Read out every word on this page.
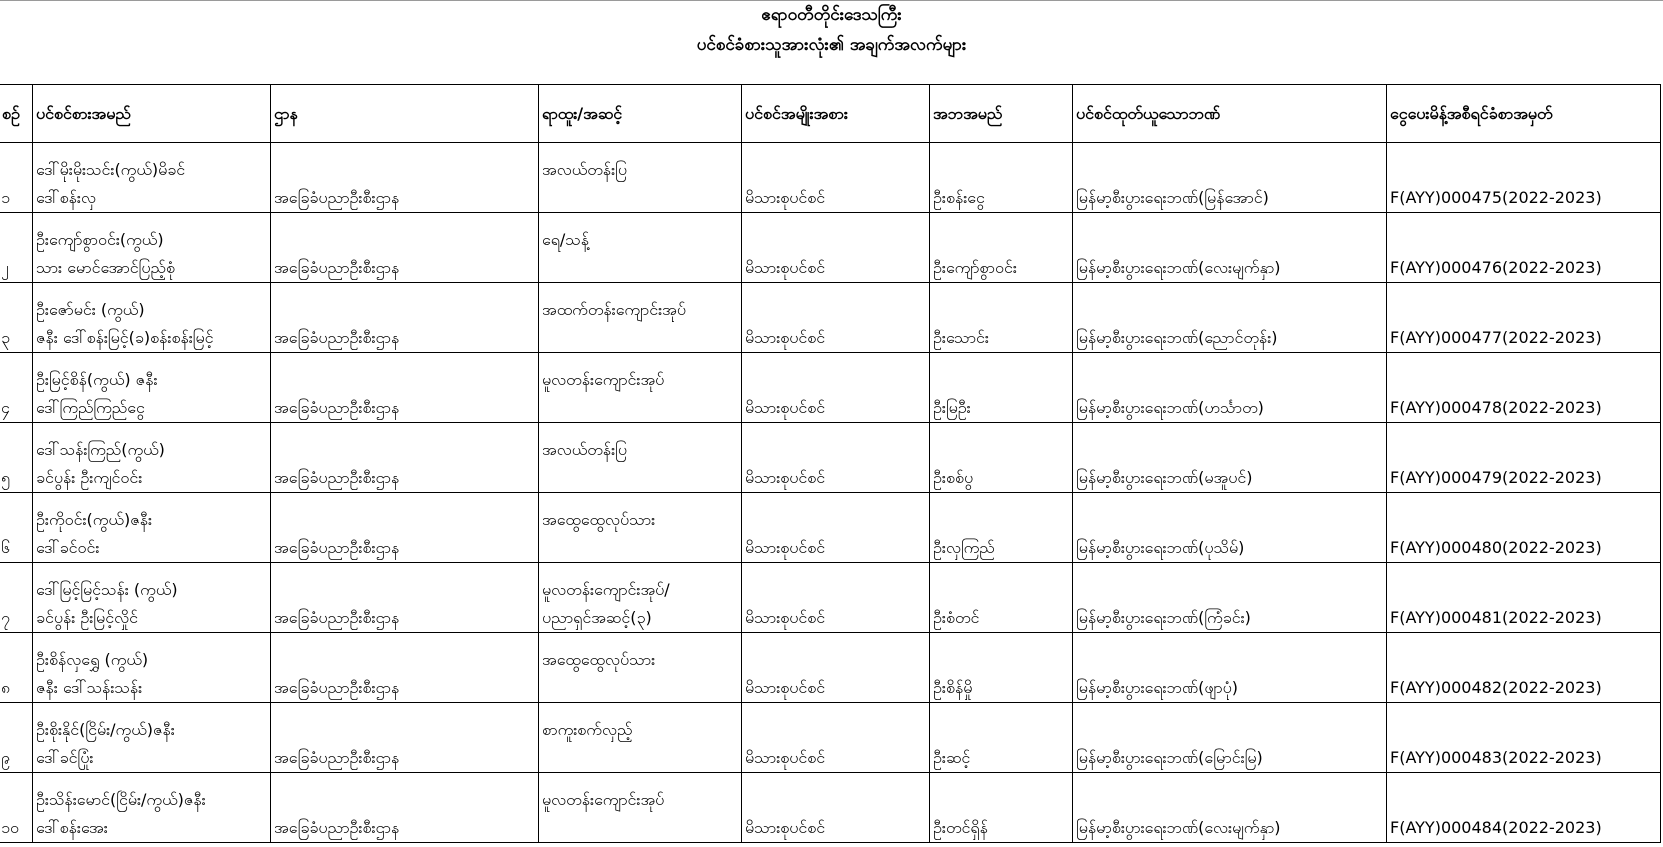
ဧရာဝတီတိုင်းဒေသကြီး
ပင်စင်ခံစားသူအားလုံး၏ အချက်အလက်များ
စဉ်	ပင်စင်စားအမည်	ဌာန	ရာထူး/အဆင့်	ပင်စင်အမျိုးအစား	အဘအမည်	ပင်စင်ထုတ်ယူသောဘဏ်	ငွေပေးမိန့်အစီရင်ခံစာအမှတ်
၁	ဒေါ်မိုးမိုးသင်း(ကွယ်)မိခင်
ဒေါ်စန်းလှ	အခြေခံပညာဦးစီးဌာန	အလယ်တန်းပြ	မိသားစုပင်စင်	ဦးစန်းငွေ	မြန်မာ့စီးပွားရေးဘဏ်(မြန်အောင်)	F(AYY)000475(2022-2023)
၂	ဦးကျော်စွာဝင်း(ကွယ်)
သား မောင်အောင်ပြည့်စုံ	အခြေခံပညာဦးစီးဌာန	ရေ/သန့်	မိသားစုပင်စင်	ဦးကျော်စွာဝင်း	မြန်မာ့စီးပွားရေးဘဏ်(လေးမျက်နှာ)	F(AYY)000476(2022-2023)
၃	ဦးဇော်မင်း (ကွယ်)
ဇနီး ဒေါ်စန်းမြင့်(ခ)စန်းစန်းမြင့်	အခြေခံပညာဦးစီးဌာန	အထက်တန်းကျောင်းအုပ်	မိသားစုပင်စင်	ဦးသောင်း	မြန်မာ့စီးပွားရေးဘဏ်(ညောင်တုန်း)	F(AYY)000477(2022-2023)
၄	ဦးမြင့်စိန်(ကွယ်) ဇနီး
ဒေါ်ကြည်ကြည်ငွေ	အခြေခံပညာဦးစီးဌာန	မူလတန်းကျောင်းအုပ်	မိသားစုပင်စင်	ဦးမြဦး	မြန်မာ့စီးပွားရေးဘဏ်(ဟင်္သာတ)	F(AYY)000478(2022-2023)
၅	ဒေါ်သန်းကြည်(ကွယ်)
ခင်ပွန်း ဦးကျင်ဝင်း	အခြေခံပညာဦးစီးဌာန	အလယ်တန်းပြ	မိသားစုပင်စင်	ဦးစစ်ပွ	မြန်မာ့စီးပွားရေးဘဏ်(မအူပင်)	F(AYY)000479(2022-2023)
၆	ဦးကိုဝင်း(ကွယ်)ဇနီး
ဒေါ်ခင်ဝင်း	အခြေခံပညာဦးစီးဌာန	အထွေထွေလုပ်သား	မိသားစုပင်စင်	ဦးလှကြည်	မြန်မာ့စီးပွားရေးဘဏ်(ပုသိမ်)	F(AYY)000480(2022-2023)
၇	ဒေါ်မြင့်မြင့်သန်း (ကွယ်)
ခင်ပွန်း ဦးမြင့်လှိုင်	အခြေခံပညာဦးစီးဌာန	မူလတန်းကျောင်းအုပ်/
ပညာရှင်အဆင့်(၃)	မိသားစုပင်စင်	ဦးစံတင်	မြန်မာ့စီးပွားရေးဘဏ်(ကြံခင်း)	F(AYY)000481(2022-2023)
၈	ဦးစိန်လှရွှေ (ကွယ်)
ဇနီး ဒေါ်သန်းသန်း	အခြေခံပညာဦးစီးဌာန	အထွေထွေလုပ်သား	မိသားစုပင်စင်	ဦးစိန်မှို	မြန်မာ့စီးပွားရေးဘဏ်(ဖျာပုံ)	F(AYY)000482(2022-2023)
၉	ဦးစိုးနိုင်(ငြိမ်း/ကွယ်)ဇနီး
ဒေါ်ခင်ပြုံး	အခြေခံပညာဦးစီးဌာန	စာကူးစက်လှည့်	မိသားစုပင်စင်	ဦးဆင့်	မြန်မာ့စီးပွားရေးဘဏ်(မြောင်းမြ)	F(AYY)000483(2022-2023)
၁၀	ဦးသိန်းမောင်(ငြိမ်း/ကွယ်)ဇနီး
ဒေါ်စန်းအေး	အခြေခံပညာဦးစီးဌာန	မူလတန်းကျောင်းအုပ်	မိသားစုပင်စင်	ဦးတင်ရှိန်	မြန်မာ့စီးပွားရေးဘဏ်(လေးမျက်နှာ)	F(AYY)000484(2022-2023)
